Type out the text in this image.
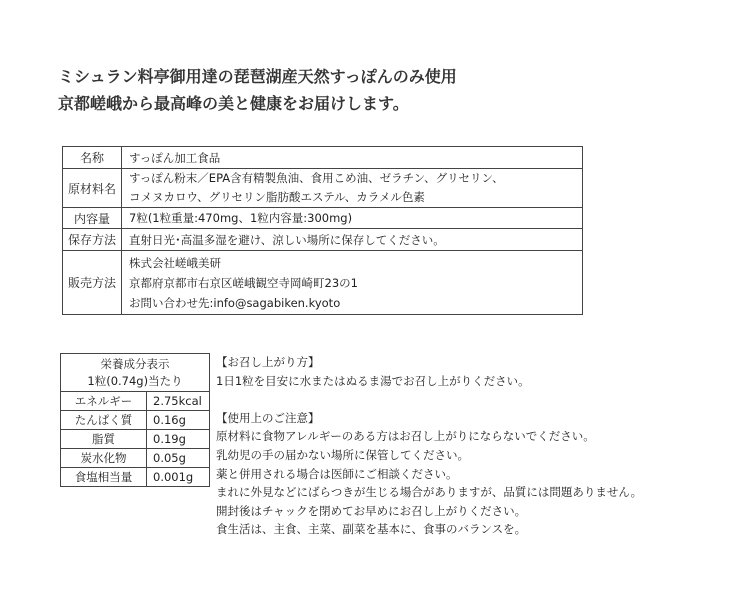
ミシュラン料亭御用達の琵琶湖産天然すっぽんのみ使用
京都嵯峨から最高峰の美と健康をお届けします。
名称	すっぽん加工食品
原材料名	すっぽん粉末／EPA含有精製魚油、食用こめ油、ゼラチン、グリセリン、
コメヌカロウ、グリセリン脂肪酸エステル、カラメル色素

内容量	7粒(1粒重量:470mg、1粒内容量:300mg)
保存方法	直射日光･高温多湿を避け、涼しい場所に保存してください。
販売方法	株式会社嵯峨美研
京都府京都市右京区嵯峨観空寺岡崎町23の1
お問い合わせ先:info@sagabiken.kyoto
栄養成分表示
1粒(0.74g)当たり	

エネルギー	2.75kcal
たんぱく質	0.16g
脂質	0.19g
炭水化物	0.05g
食塩相当量	0.001g
【お召し上がり方】
1日1粒を目安に水またはぬるま湯でお召し上がりください。
【使用上のご注意】
原材料に食物アレルギーのある方はお召し上がりにならないでください。
乳幼児の手の届かない場所に保管してください。
薬と併用される場合は医師にご相談ください。
まれに外見などにばらつきが生じる場合がありますが、品質には問題ありません。
開封後はチャックを閉めてお早めにお召し上がりください。
食生活は、主食、主菜、副菜を基本に、食事のバランスを。
